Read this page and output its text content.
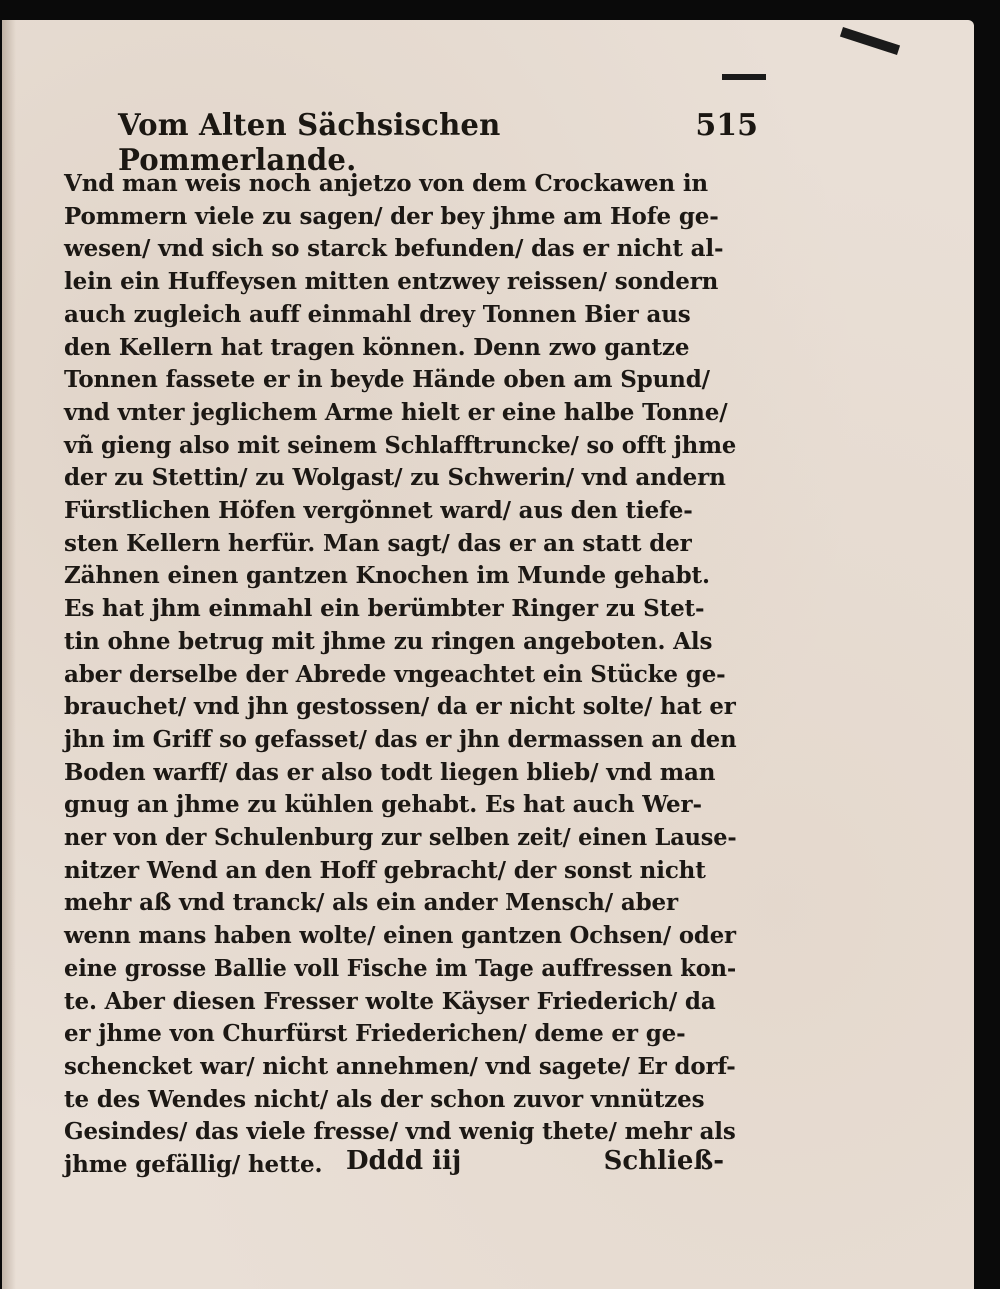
Vom Alten Sächsischen Pommerlande.
515
Vnd man weis noch anjetzo von dem Crockawen in
Pommern viele zu sagen/ der bey jhme am Hofe ge-
wesen/ vnd sich so starck befunden/ das er nicht al-
lein ein Huffeysen mitten entzwey reissen/ sondern
auch zugleich auff einmahl drey Tonnen Bier aus
den Kellern hat tragen können. Denn zwo gantze
Tonnen fassete er in beyde Hände oben am Spund/
vnd vnter jeglichem Arme hielt er eine halbe Tonne/
vñ gieng also mit seinem Schlafftruncke/ so offt jhme
der zu Stettin/ zu Wolgast/ zu Schwerin/ vnd andern
Fürstlichen Höfen vergönnet ward/ aus den tiefe-
sten Kellern herfür. Man sagt/ das er an statt der
Zähnen einen gantzen Knochen im Munde gehabt.
Es hat jhm einmahl ein berümbter Ringer zu Stet-
tin ohne betrug mit jhme zu ringen angeboten. Als
aber derselbe der Abrede vngeachtet ein Stücke ge-
brauchet/ vnd jhn gestossen/ da er nicht solte/ hat er
jhn im Griff so gefasset/ das er jhn dermassen an den
Boden warff/ das er also todt liegen blieb/ vnd man
gnug an jhme zu kühlen gehabt. Es hat auch Wer-
ner von der Schulenburg zur selben zeit/ einen Lause-
nitzer Wend an den Hoff gebracht/ der sonst nicht
mehr aß vnd tranck/ als ein ander Mensch/ aber
wenn mans haben wolte/ einen gantzen Ochsen/ oder
eine grosse Ballie voll Fische im Tage auffressen kon-
te. Aber diesen Fresser wolte Käyser Friederich/ da
er jhme von Churfürst Friederichen/ deme er ge-
schencket war/ nicht annehmen/ vnd sagete/ Er dorf-
te des Wendes nicht/ als der schon zuvor vnnützes
Gesindes/ das viele fresse/ vnd wenig thete/ mehr als
jhme gefällig/ hette. Dddd iij	Schließ-
